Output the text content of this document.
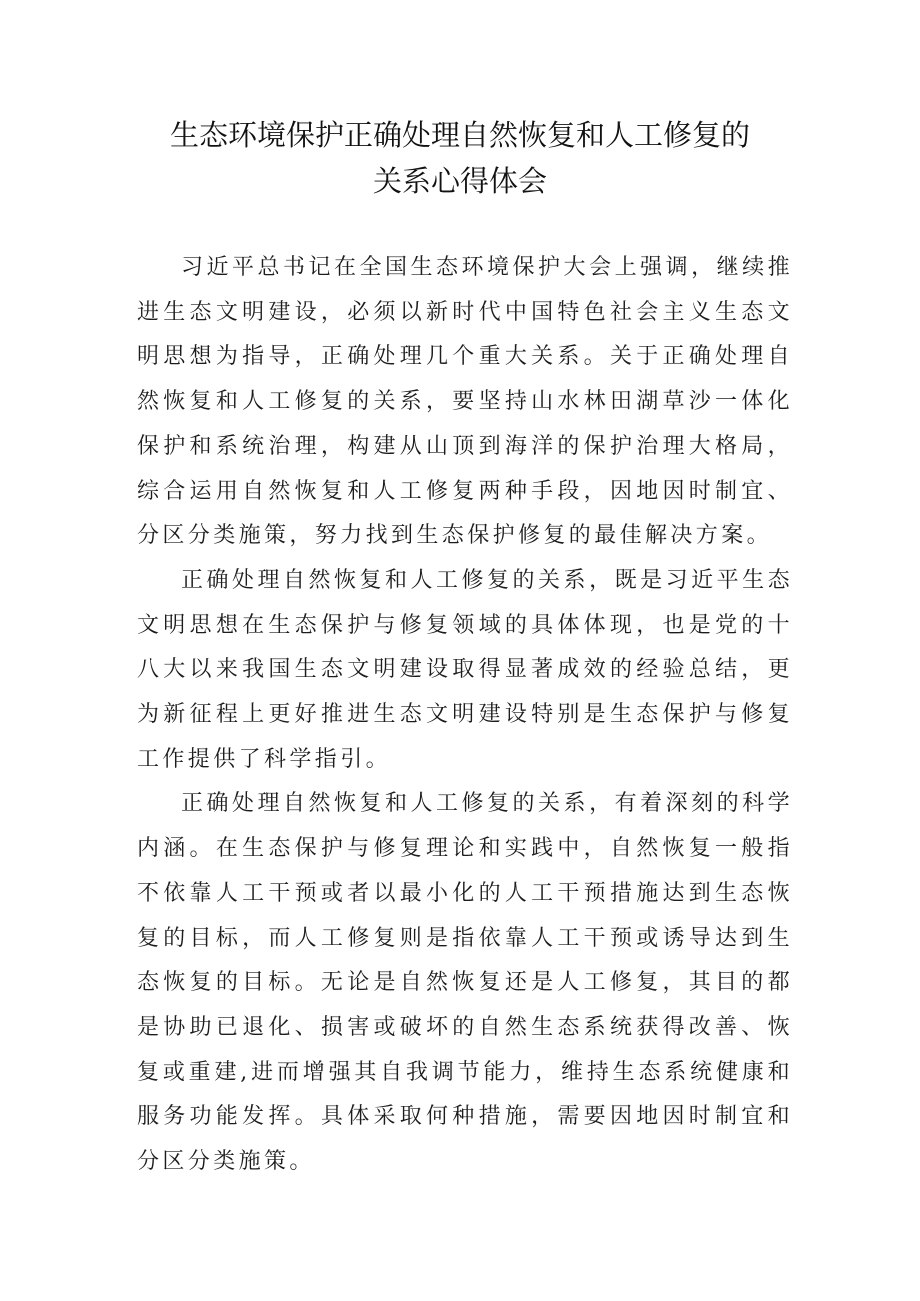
生态环境保护正确处理自然恢复和人工修复的
关系心得体会

习近平总书记在全国生态环境保护大会上强调，继续推进生态文明建设，必须以新时代中国特色社会主义生态文明思想为指导，正确处理几个重大关系。关于正确处理自然恢复和人工修复的关系，要坚持山水林田湖草沙一体化保护和系统治理，构建从山顶到海洋的保护治理大格局，综合运用自然恢复和人工修复两种手段，因地因时制宜、分区分类施策，努力找到生态保护修复的最佳解决方案。

正确处理自然恢复和人工修复的关系，既是习近平生态文明思想在生态保护与修复领域的具体体现，也是党的十八大以来我国生态文明建设取得显著成效的经验总结，更为新征程上更好推进生态文明建设特别是生态保护与修复工作提供了科学指引。

正确处理自然恢复和人工修复的关系，有着深刻的科学内涵。在生态保护与修复理论和实践中，自然恢复一般指不依靠人工干预或者以最小化的人工干预措施达到生态恢复的目标，而人工修复则是指依靠人工干预或诱导达到生态恢复的目标。无论是自然恢复还是人工修复，其目的都是协助已退化、损害或破坏的自然生态系统获得改善、恢复或重建,进而增强其自我调节能力，维持生态系统健康和服务功能发挥。具体采取何种措施，需要因地因时制宜和分区分类施策。
